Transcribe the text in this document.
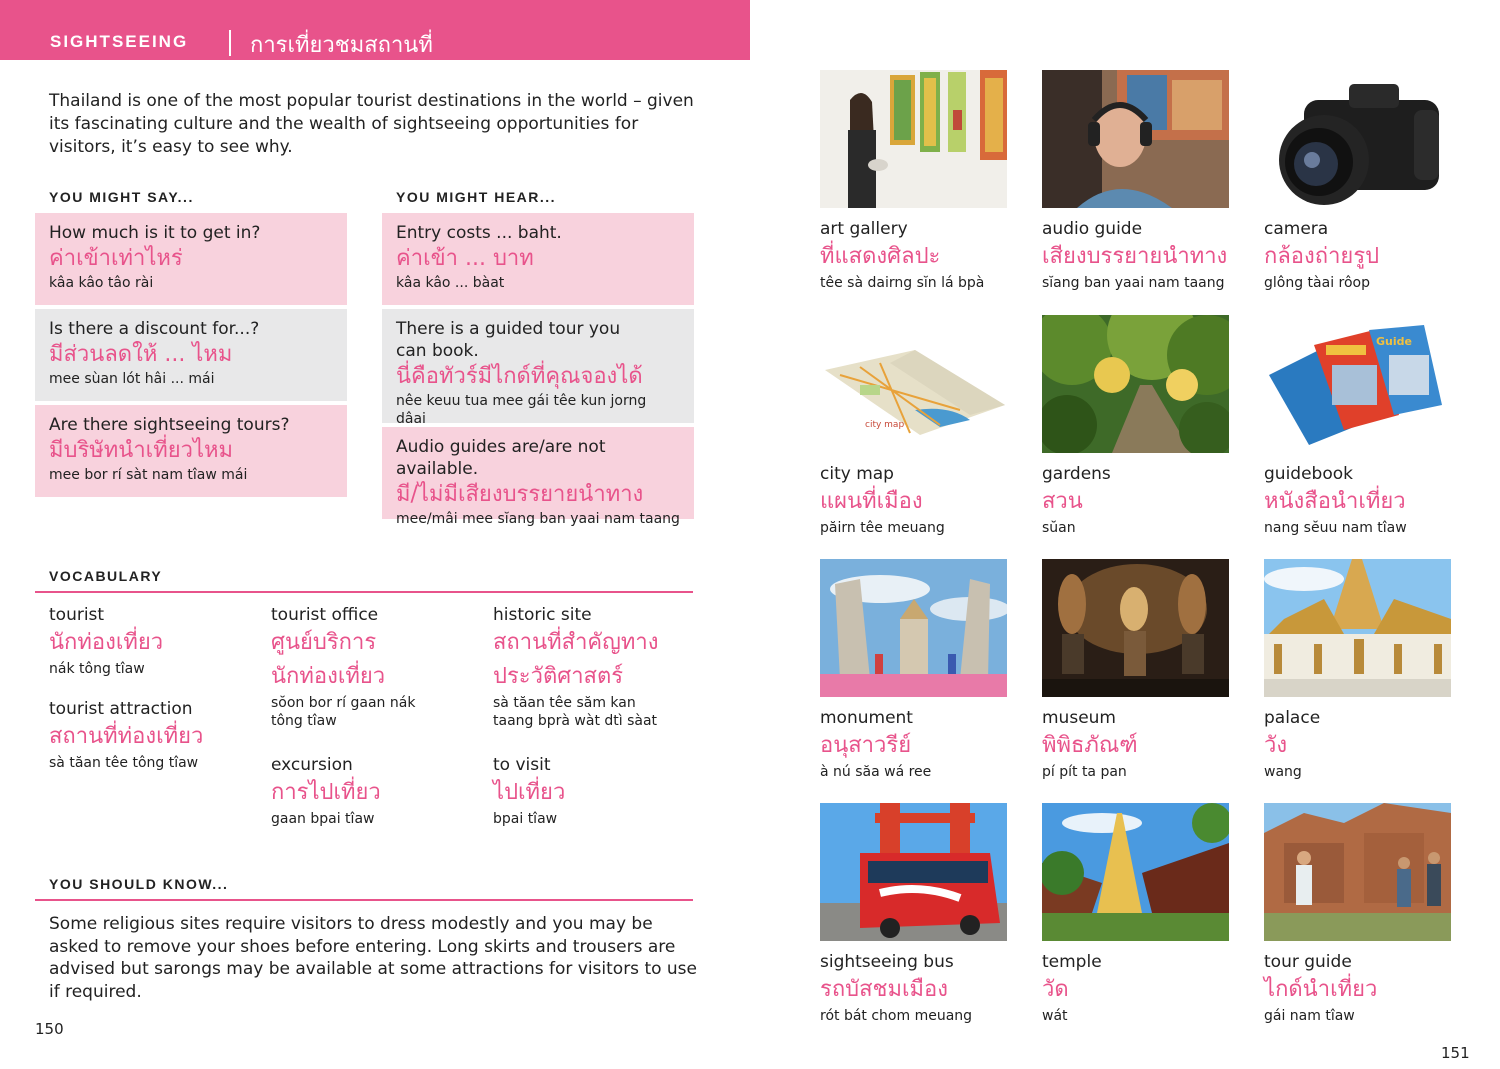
SIGHTSEEING	การเที่ยวชมสถานที่
Thailand is one of the most popular tourist destinations in the world – given its fascinating culture and the wealth of sightseeing opportunities for visitors, it’s easy to see why.
YOU MIGHT SAY...
How much is it to get in?
ค่าเข้าเท่าไหร่
kâa kâo tâo rài
Is there a discount for...?
มีส่วนลดให้ ... ไหม
mee sùan lót hâi ... mái
Are there sightseeing tours?
มีบริษัทนำเที่ยวไหม
mee bor rí sàt nam tîaw mái
YOU MIGHT HEAR...
Entry costs ... baht.
ค่าเข้า ... บาท
kâa kâo ... bàat
There is a guided tour you can book.
นี่คือทัวร์มีไกด์ที่คุณจองได้
nêe keuu tua mee gái têe kun jorng dâai
Audio guides are/are not available.
มี/ไม่มีเสียงบรรยายนำทาง
mee/mâi mee sĭang ban yaai nam taang
VOCABULARY
tourist
นักท่องเที่ยว
nák tông tîaw
tourist attraction
สถานที่ท่องเที่ยว
sà tăan têe tông tîaw
tourist office
ศูนย์บริการ นักท่องเที่ยว
sŏon bor rí gaan nák tông tîaw
excursion
การไปเที่ยว
gaan bpai tîaw
historic site
สถานที่สำคัญทาง ประวัติศาสตร์
sà tăan têe săm kan taang bprà wàt dtì sàat
to visit
ไปเที่ยว
bpai tîaw
YOU SHOULD KNOW...
Some religious sites require visitors to dress modestly and you may be asked to remove your shoes before entering. Long skirts and trousers are advised but sarongs may be available at some attractions for visitors to use if required.
150
151
art gallery
ที่แสดงศิลปะ
têe sà dairng sĭn lá bpà
audio guide
เสียงบรรยายนำทาง
sĭang ban yaai nam taang
camera
กล้องถ่ายรูป
glông tàai rôop
city map
city map
แผนที่เมือง
păirn têe meuang
gardens
สวน
sŭan
Guide
guidebook
หนังสือนำเที่ยว
nang sĕuu nam tîaw
monument
อนุสาวรีย์
à nú săa wá ree
museum
พิพิธภัณฑ์
pí pít ta pan
palace
วัง
wang
sightseeing bus
รถบัสชมเมือง
rót bát chom meuang
temple
วัด
wát
tour guide
ไกด์นำเที่ยว
gái nam tîaw
